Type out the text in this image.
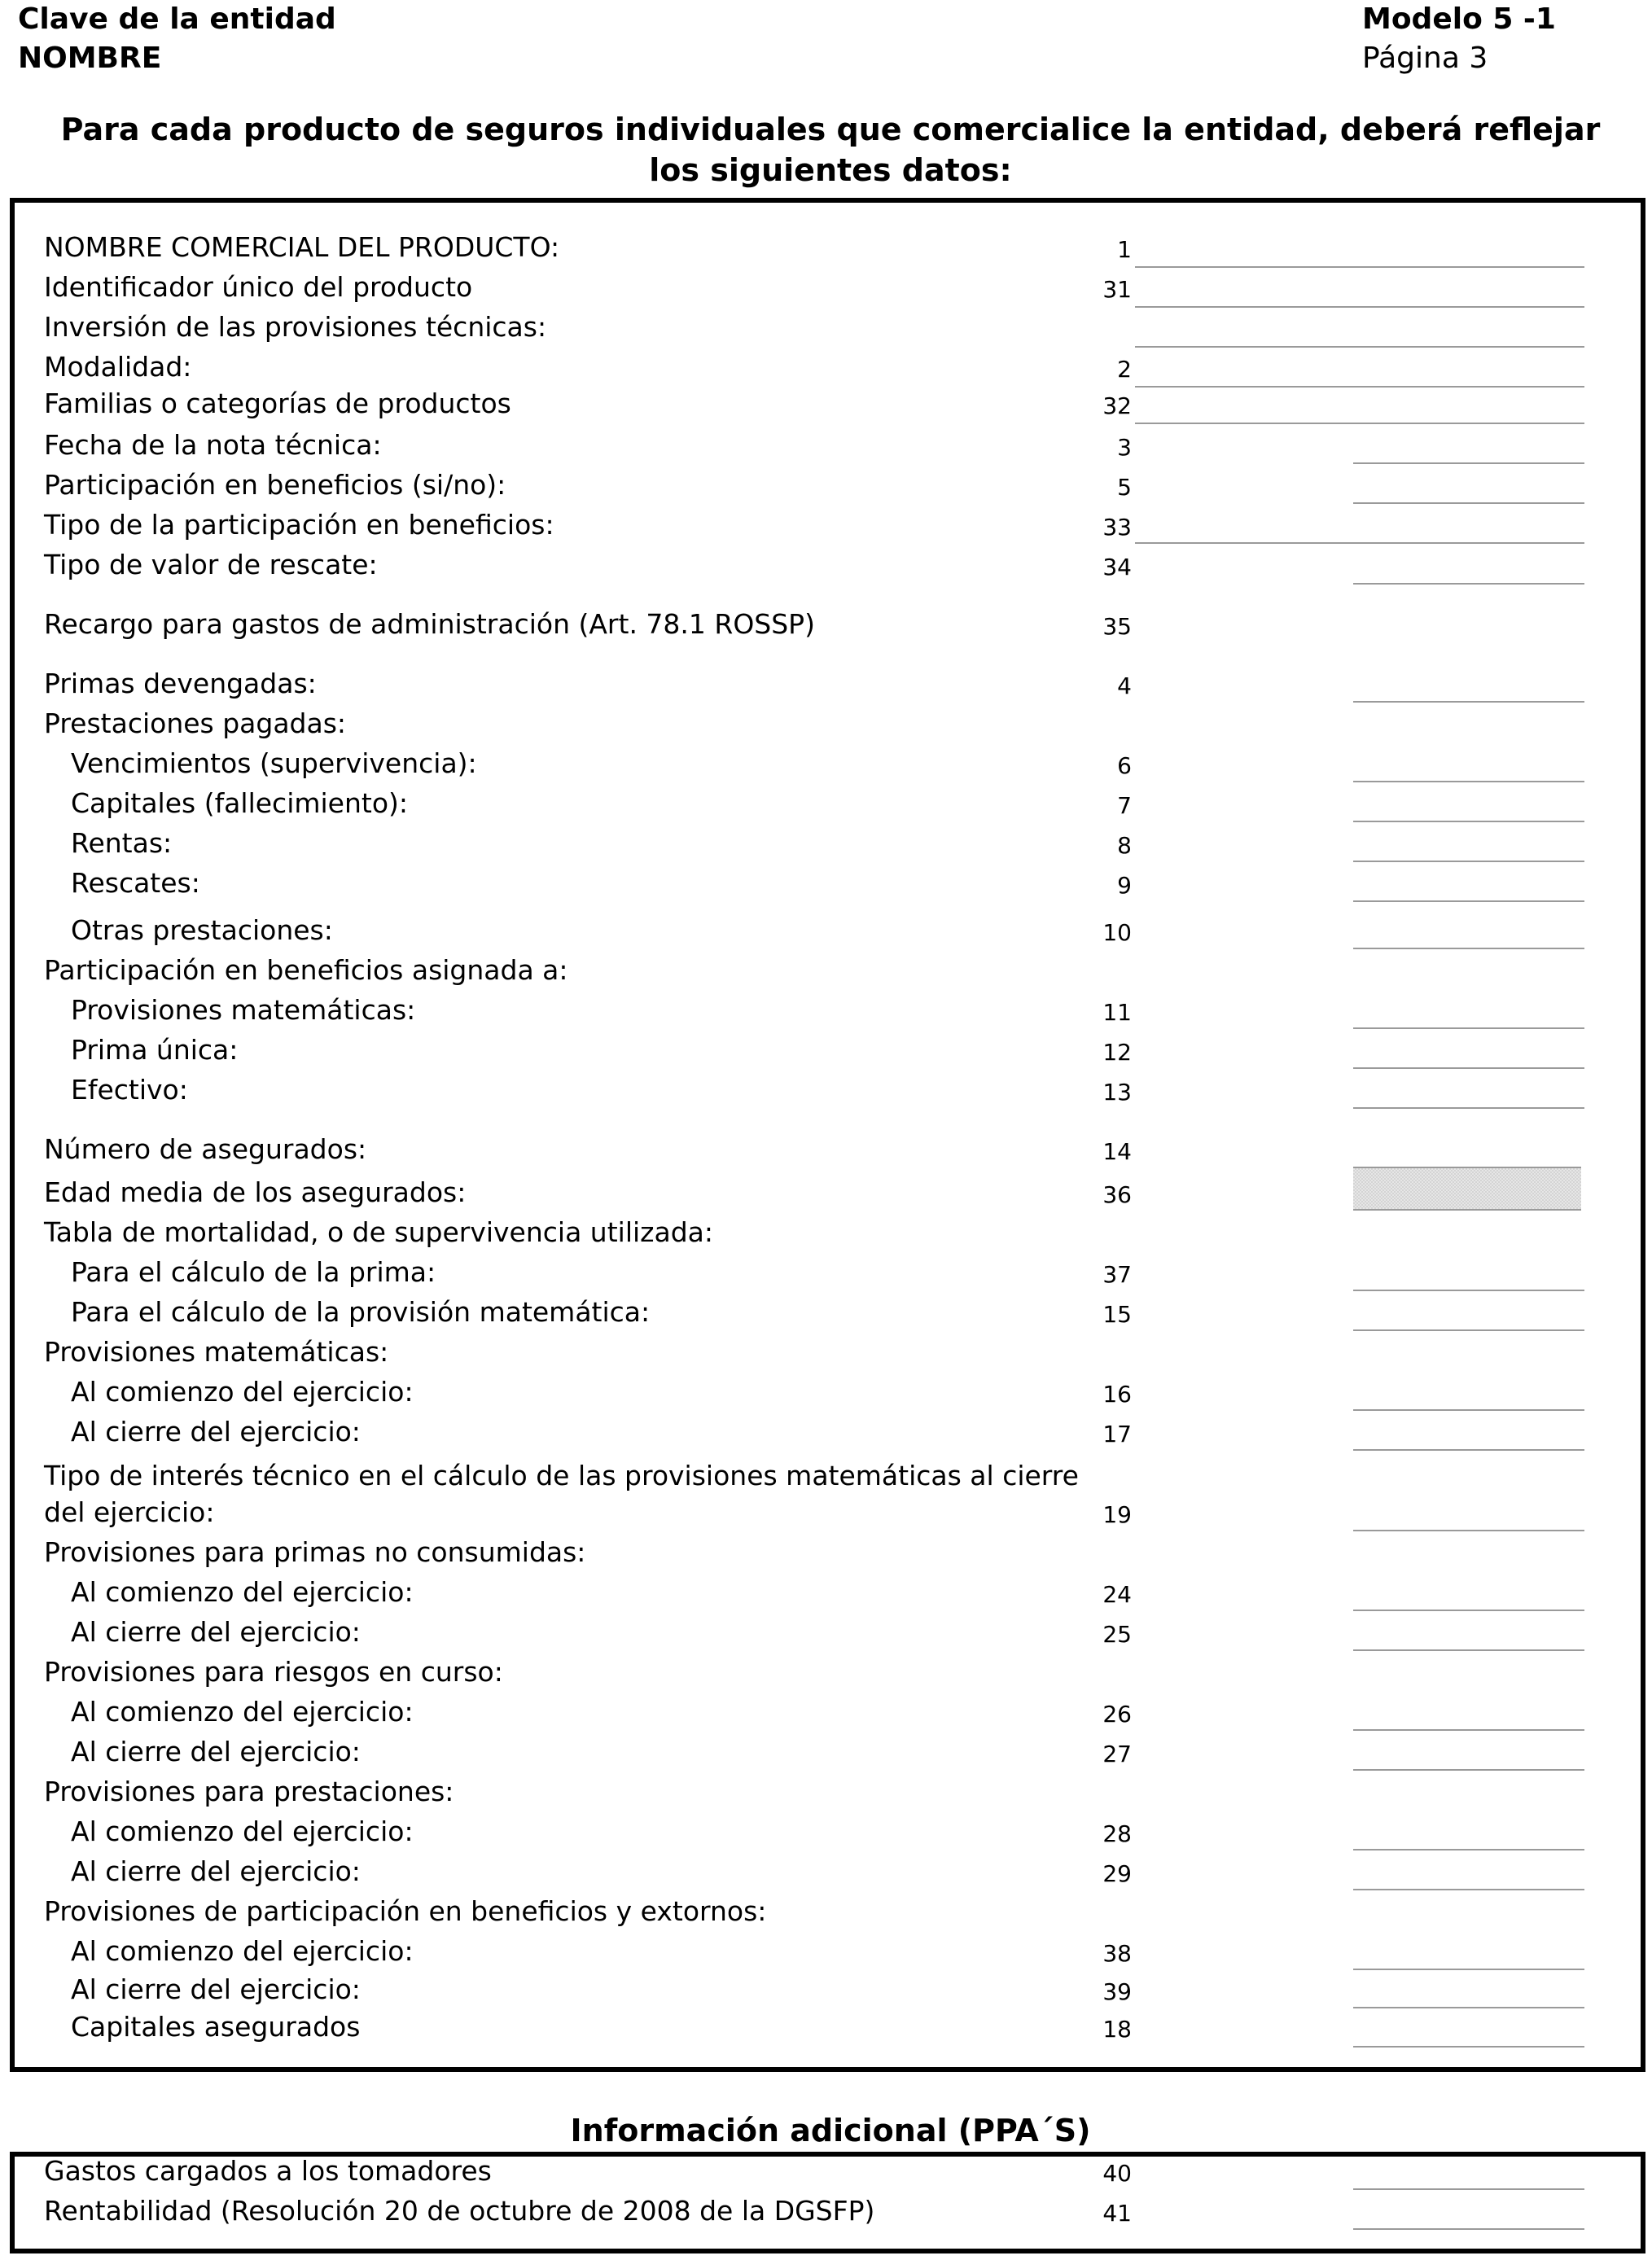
Clave de la entidad
NOMBRE
Modelo 5 -1
Página 3
Para cada producto de seguros individuales que comercialice la entidad, deberá reflejar los siguientes datos:
NOMBRE COMERCIAL DEL PRODUCTO:	1
Identificador único del producto	31
Inversión de las provisiones técnicas:
Modalidad:	2
Familias o categorías de productos	32
Fecha de la nota técnica:	3
Participación en beneficios (si/no):	5
Tipo de la participación en beneficios:	33
Tipo de valor de rescate:	34
Recargo para gastos de administración (Art. 78.1 ROSSP)	35
Primas devengadas:	4
Prestaciones pagadas:
Vencimientos (supervivencia):	6
Capitales (fallecimiento):	7
Rentas:	8
Rescates:	9
Otras prestaciones:	10
Participación en beneficios asignada a:
Provisiones matemáticas:	11
Prima única:	12
Efectivo:	13
Número de asegurados:	14
Edad media de los asegurados:	36
Tabla de mortalidad, o de supervivencia utilizada:
Para el cálculo de la prima:	37
Para el cálculo de la provisión matemática:	15
Provisiones matemáticas:
Al comienzo del ejercicio:	16
Al cierre del ejercicio:	17
Tipo de interés técnico en el cálculo de las provisiones matemáticas al cierre del ejercicio:	19
Provisiones para primas no consumidas:
Al comienzo del ejercicio:	24
Al cierre del ejercicio:	25
Provisiones para riesgos en curso:
Al comienzo del ejercicio:	26
Al cierre del ejercicio:	27
Provisiones para prestaciones:
Al comienzo del ejercicio:	28
Al cierre del ejercicio:	29
Provisiones de participación en beneficios y extornos:
Al comienzo del ejercicio:	38
Al cierre del ejercicio:	39
Capitales asegurados	18
Información adicional (PPA´S)
Gastos cargados a los tomadores	40
Rentabilidad (Resolución 20 de octubre de 2008 de la DGSFP)	41
